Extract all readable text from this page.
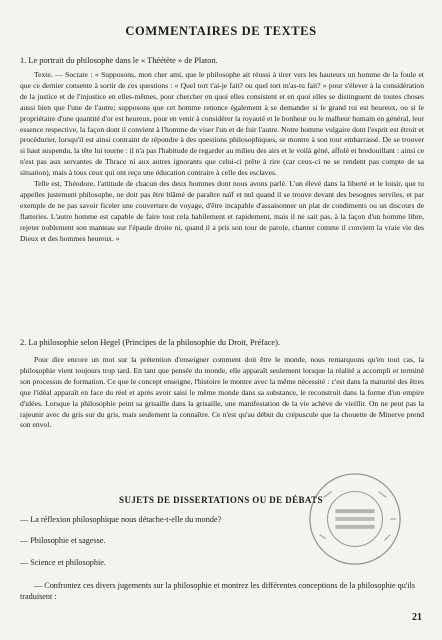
COMMENTAIRES DE TEXTES
1. Le portrait du philosophe dans le « Théétète » de Platon.

Texte. — Socrate : « Supposons, mon cher ami, que le philosophe ait réussi à tirer vers les hauteurs un homme de la foule et que ce dernier consente à sortir de ces questions : « Quel tort t'ai-je fait? ou quel tort m'as-tu fait? » pour s'élever à la considération de la justice et de l'injustice en elles-mêmes, pour chercher en quoi elles consistent et en quoi elles se distinguent de toutes choses aussi bien que l'une de l'autre; supposons que cet homme renonce également à se demander si le grand roi est heureux, ou si le propriétaire d'une quantité d'or est heureux, pour en venir à considérer la royauté et le bonheur ou le malheur humain en général, leur essence respective, la façon dont il convient à l'homme de viser l'un et de fuir l'autre. Notre homme vulgaire dont l'esprit est étroit et procédurier, lorsqu'il est ainsi contraint de répondre à des questions philosophiques, se montre à son tour embarrassé. De se trouver si haut suspendu, la tête lui tourne : il n'a pas l'habitude de regarder au milieu des airs et le voilà géné, affolé et bredouillant : ainsi ce n'est pas aux servantes de Thrace ni aux autres ignorants que celui-ci prête à rire (car ceux-ci ne se rendent pas compte de sa situation), mais à tous ceux qui ont reçu une éducation contraire à celle des esclaves.

Telle est, Théodore, l'attitude de chacun des deux hommes dont nous avons parlé. L'un élevé dans la liberté et le loisir, que tu appelles justement philosophe, ne doit pas être blâmé de paraître naïf et nul quand il se trouve devant des besognes serviles, et par exemple de ne pas savoir ficeler une couverture de voyage, d'être incapable d'assaisonner un plat de condiments ou un discours de flatteries. L'autre homme est capable de faire tout cela habilement et rapidement, mais il ne sait pas, à la façon d'un homme libre, rejeter noblement son manteau sur l'épaule droite ni, quand il a pris son tour de parole, chanter comme il convient la vraie vie des Dieux et des hommes heureux. »

2. La philosophie selon Hegel (Principes de la philosophie du Droit, Préface).

Pour dire encore un mot sur la prétention d'enseigner comment doit être le monde, nous remarquons qu'en tout cas, la philosophie vient toujours trop tard. En tant que pensée du monde, elle apparaît seulement lorsque la réalité a accompli et terminé son processus de formation. Ce que le concept enseigne, l'histoire le montre avec la même nécessité : c'est dans la maturité des êtres que l'idéal apparaît en face du réel et après avoir saisi le même monde dans sa substance, le reconstruit dans la forme d'un empire d'idées. Lorsque la philosophie peint sa grisaille dans la grisaille, une manifestation de la vie achève de vieillir. On ne peut pas la rajeunir avec du gris sur du gris, mais seulement la connaître. Ce n'est qu'au début du crépuscule que la chouette de Minerve prend son envol.

SUJETS DE DISSERTATIONS OU DE DÉBATS
— La réflexion philosophique nous détache-t-elle du monde?
— Philosophie et sagesse.
— Science et philosophie.
— Confrontez ces divers jugements sur la philosophie et montrez les différentes conceptions de la philosophie qu'ils traduisent :
21
